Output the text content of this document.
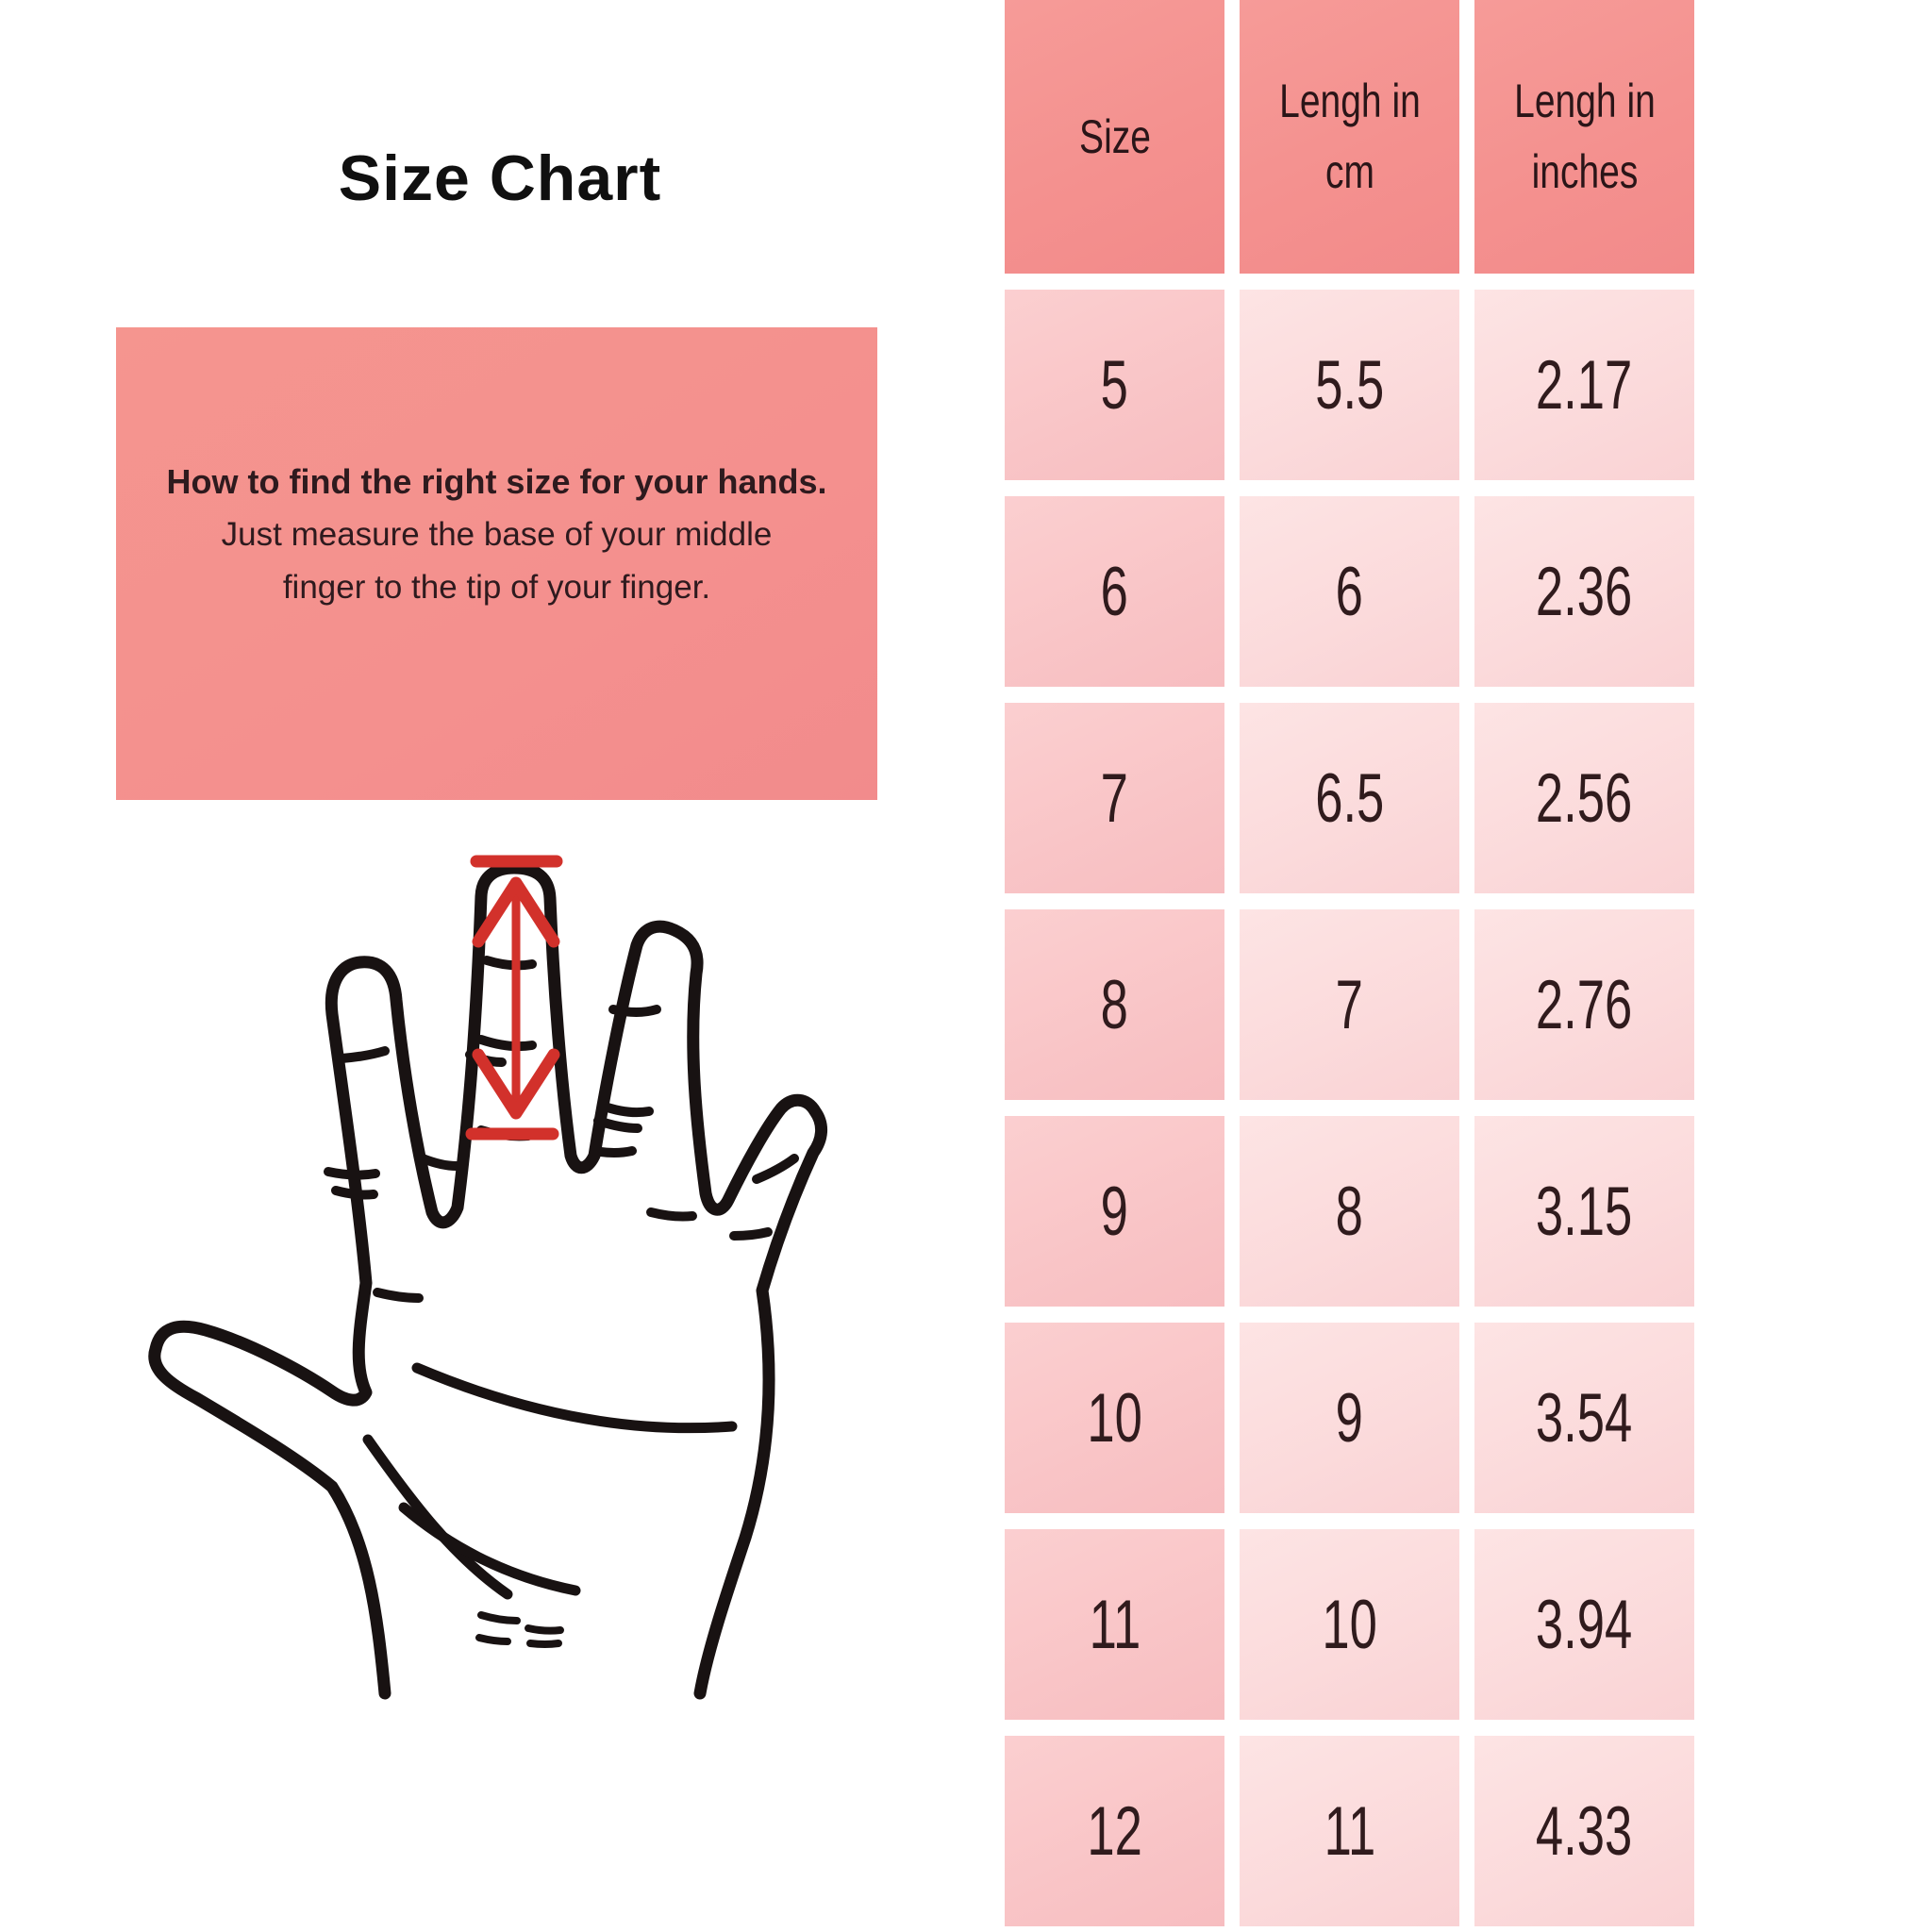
Size Chart

How to find the right size for your hands.

Just measure the base of your middle

finger to the tip of your finger.

Size
Lengh in cm
Lengh in inches
5	5.5 2.17
6	6	2.36
7	6.5 2.56
8	7	2.76
9	8	3.15
10	9	3.54
11	10 3.94
12	11 4.33
